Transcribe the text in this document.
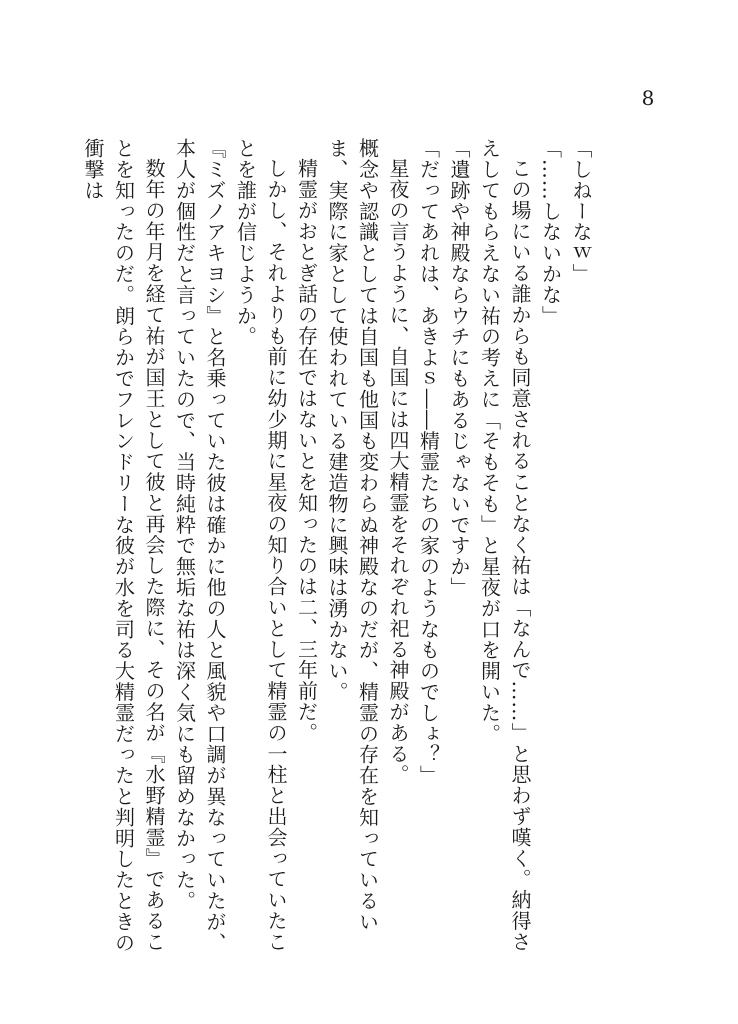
8

「しねーなｗ」

「……しないかな」

この場にいる誰からも同意されることなく祐は「なんで……」と思わず嘆く。納得さえしてもらえない祐の考えに「そもそも」と星夜が口を開いた。

「遺跡や神殿ならウチにもあるじゃないですか」

「だってあれは、あきよｓ――精霊たちの家のようなものでしょ？」

星夜の言うように、自国には四大精霊をそれぞれ祀る神殿がある。

概念や認識としては自国も他国も変わらぬ神殿なのだが、精霊の存在を知っているいま、実際に家として使われている建造物に興味は湧かない。

精霊がおとぎ話の存在ではないとを知ったのは二、三年前だ。

しかし、それよりも前に幼少期に星夜の知り合いとして精霊の一柱と出会っていたことを誰が信じようか。

『ミズノアキヨシ』と名乗っていた彼は確かに他の人と風貌や口調が異なっていたが、本人が個性だと言っていたので、当時純粋で無垢な祐は深く気にも留めなかった。

数年の年月を経て祐が国王として彼と再会した際に、その名が『水野精霊』であることを知ったのだ。朗らかでフレンドリーな彼が水を司る大精霊だったと判明したときの衝撃は
